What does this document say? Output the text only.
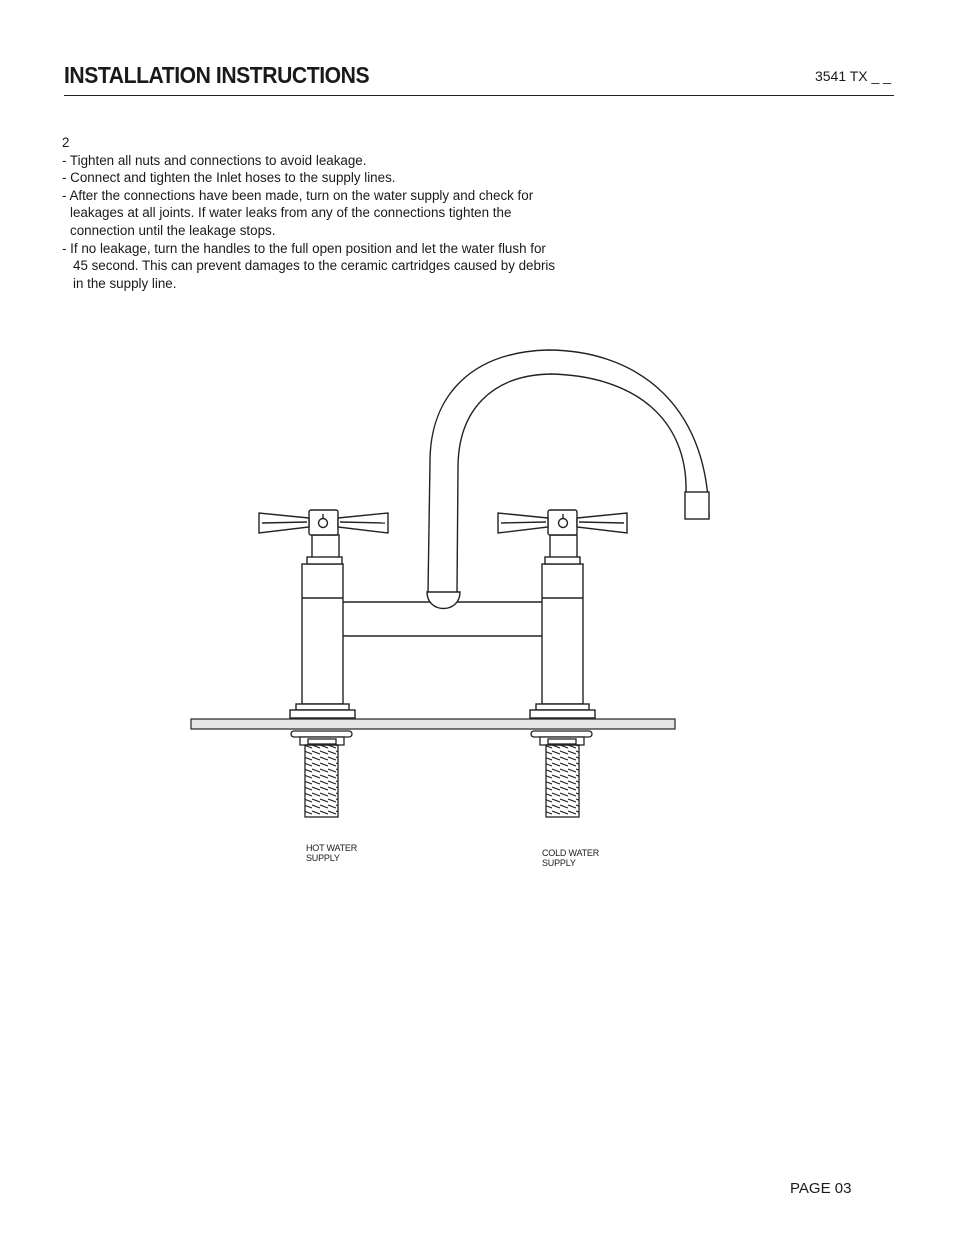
INSTALLATION INSTRUCTIONS	3541 TX _ _
2
- Tighten all nuts and connections to avoid leakage.
- Connect and tighten the Inlet hoses to the supply lines.
- After the connections have been made, turn on the water supply and check for
leakages at all joints. If water leaks from any of the connections tighten the
connection until the leakage stops.
- If no leakage, turn the handles to the full open position and let the water flush for
45 second. This can prevent damages to the ceramic cartridges caused by debris
in the supply line.
HOT WATER
SUPPLY	COLD WATER
SUPPLY
PAGE 03
